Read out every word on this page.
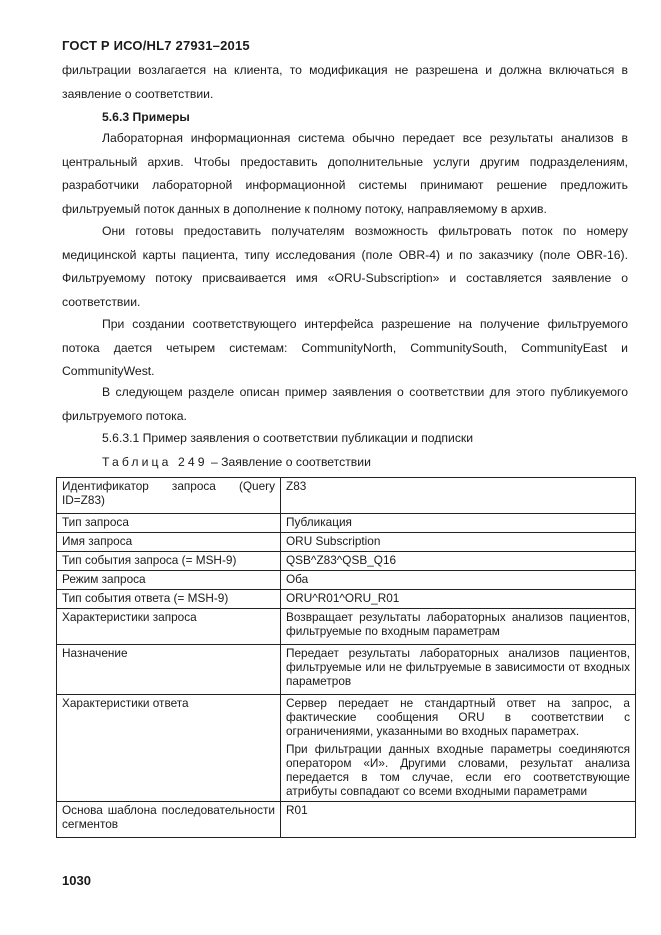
ГОСТ Р ИСО/HL7 27931–2015

фильтрации возлагается на клиента, то модификация не разрешена и должна включаться в заявление о соответствии.

5.6.3 Примеры

Лабораторная информационная система обычно передает все результаты анализов в центральный архив. Чтобы предоставить дополнительные услуги другим подразделениям, разработчики лабораторной информационной системы принимают решение предложить фильтруемый поток данных в дополнение к полному потоку, направляемому в архив.

Они готовы предоставить получателям возможность фильтровать поток по номеру медицинской карты пациента, типу исследования (поле OBR-4) и по заказчику (поле OBR-16). Фильтруемому потоку присваивается имя «ORU-Subscription» и составляется заявление о соответствии.

При создании соответствующего интерфейса разрешение на получение фильтруемого потока дается четырем системам: CommunityNorth, CommunitySouth, CommunityEast и CommunityWest.

В следующем разделе описан пример заявления о соответствии для этого публикуемого фильтруемого потока.

5.6.3.1 Пример заявления о соответствии публикации и подписки
Таблица 249 – Заявление о соответствии
Идентификатор запроса (Query ID=Z83)	Z83
Тип запроса	Публикация
Имя запроса	ORU Subscription
Тип события запроса (= MSH-9)	QSB^Z83^QSB_Q16
Режим запроса	Оба
Тип события ответа (= MSH-9)	ORU^R01^ORU_R01
Характеристики запроса	Возвращает результаты лабораторных анализов пациентов, фильтруемые по входным параметрам
Назначение	Передает результаты лабораторных анализов пациентов, фильтруемые или не фильтруемые в зависимости от входных параметров
Характеристики ответа	Сервер передает не стандартный ответ на запрос, а фактические сообщения ORU в соответствии с ограничениями, указанными во входных параметрах.

При фильтрации данных входные параметры соединяются оператором «И». Другими словами, результат анализа передается в том случае, если его соответствующие атрибуты совпадают со всеми входными параметрами

Основа шаблона последовательности сегментов	R01
1030
